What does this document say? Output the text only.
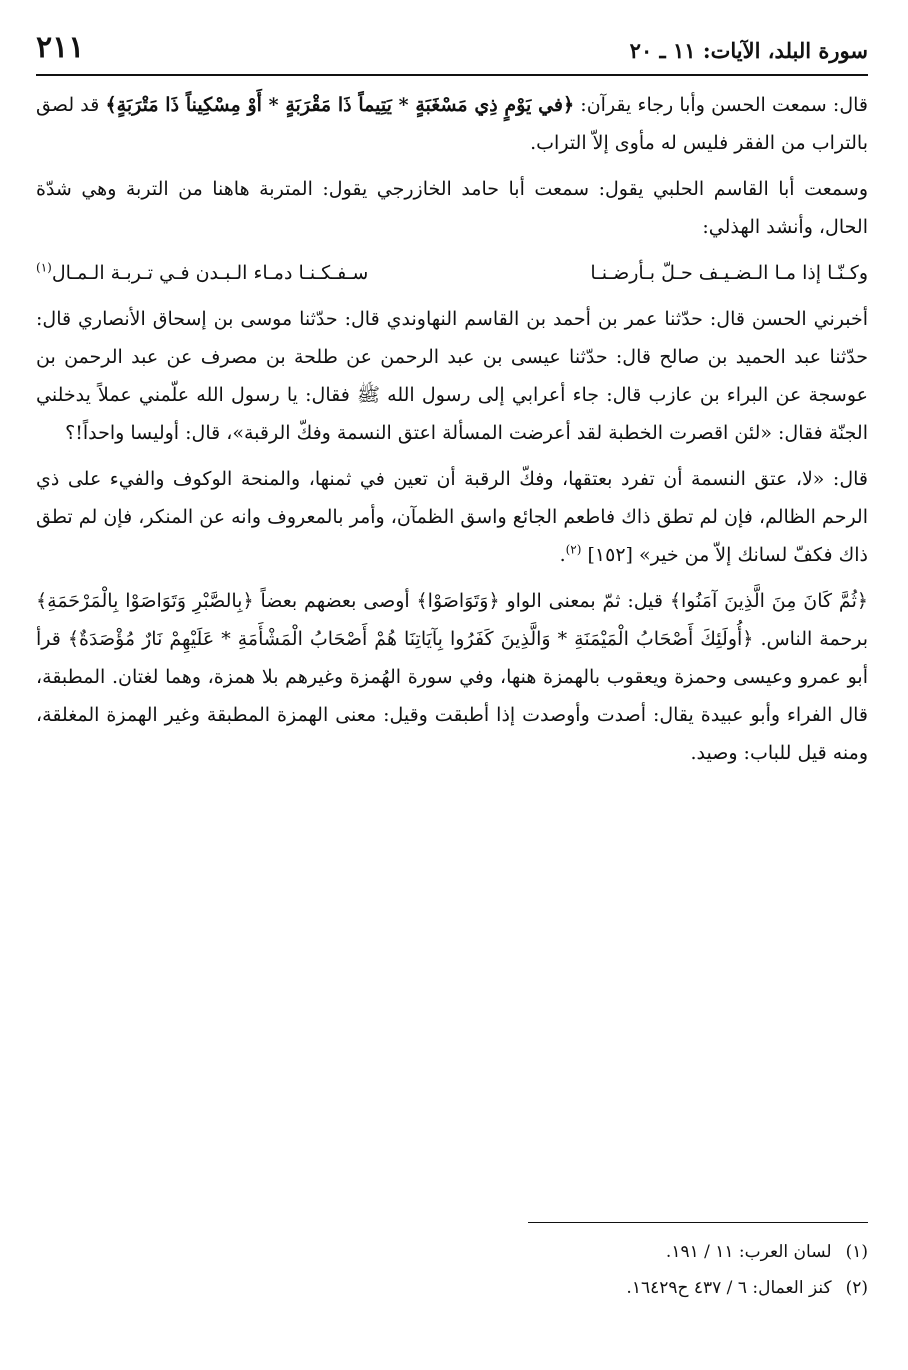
٢١١	سورة البلد، الآيات: ١١ ـ ٢٠

قال: سمعت الحسن وأبا رجاء يقرآن: ﴿في يَوْمٍ ذِي مَسْغَبَةٍ * يَتِيماً ذَا مَقْرَبَةٍ * أَوْ مِسْكِيناً ذَا مَتْرَبَةٍ﴾ قد لصق بالتراب من الفقر فليس له مأوى إلاّ التراب.

وسمعت أبا القاسم الحلبي يقول: سمعت أبا حامد الخازرجي يقول: المتربة هاهنا من التربة وهي شدّة الحال، وأنشد الهذلي:

وكـنّـا إذا مـا الـضـيـف حـلّ بـأرضـنـا
سـفـكـنـا دمـاء الـبـدن فـي تـربـة الـمـال$^{(١)}$

أخبرني الحسن قال: حدّثنا عمر بن أحمد بن القاسم النهاوندي قال: حدّثنا موسى بن إسحاق الأنصاري قال: حدّثنا عبد الحميد بن صالح قال: حدّثنا عيسى بن عبد الرحمن عن طلحة بن مصرف عن عبد الرحمن بن عوسجة عن البراء بن عازب قال: جاء أعرابي إلى رسول الله ﷺ فقال: يا رسول الله علّمني عملاً يدخلني الجنّة فقال: «لئن اقصرت الخطبة لقد أعرضت المسألة اعتق النسمة وفكّ الرقبة»، قال: أوليسا واحداً!؟

قال: «لا، عتق النسمة أن تفرد بعتقها، وفكّ الرقبة أن تعين في ثمنها، والمنحة الوكوف والفيء على ذي الرحم الظالم، فإن لم تطق ذاك فاطعم الجائع واسق الظمآن، وأمر بالمعروف وانه عن المنكر، فإن لم تطق ذاك فكفّ لسانك إلاّ من خير» [١٥٢] $^{(٢)}$.

﴿ثُمَّ كَانَ مِنَ الَّذِينَ آمَنُوا﴾ قيل: ثمّ بمعنى الواو ﴿وَتَوَاصَوْا﴾ أوصى بعضهم بعضاً ﴿بِالصَّبْرِ وَتَوَاصَوْا بِالْمَرْحَمَةِ﴾ برحمة الناس. ﴿أُولَئِكَ أَصْحَابُ الْمَيْمَنَةِ * وَالَّذِينَ كَفَرُوا بِآيَاتِنَا هُمْ أَصْحَابُ الْمَشْأَمَةِ * عَلَيْهِمْ نَارٌ مُؤْصَدَةٌ﴾ قرأ أبو عمرو وعيسى وحمزة ويعقوب بالهمزة هنها، وفي سورة الهُمزة وغيرهم بلا همزة، وهما لغتان. المطبقة، قال الفراء وأبو عبيدة يقال: أصدت وأوصدت إذا أطبقت وقيل: معنى الهمزة المطبقة وغير الهمزة المغلقة، ومنه قيل للباب: وصيد.

(١)لسان العرب: ١١ / ١٩١.
(٢)كنز العمال: ٦ / ٤٣٧ ح١٦٤٢٩.
